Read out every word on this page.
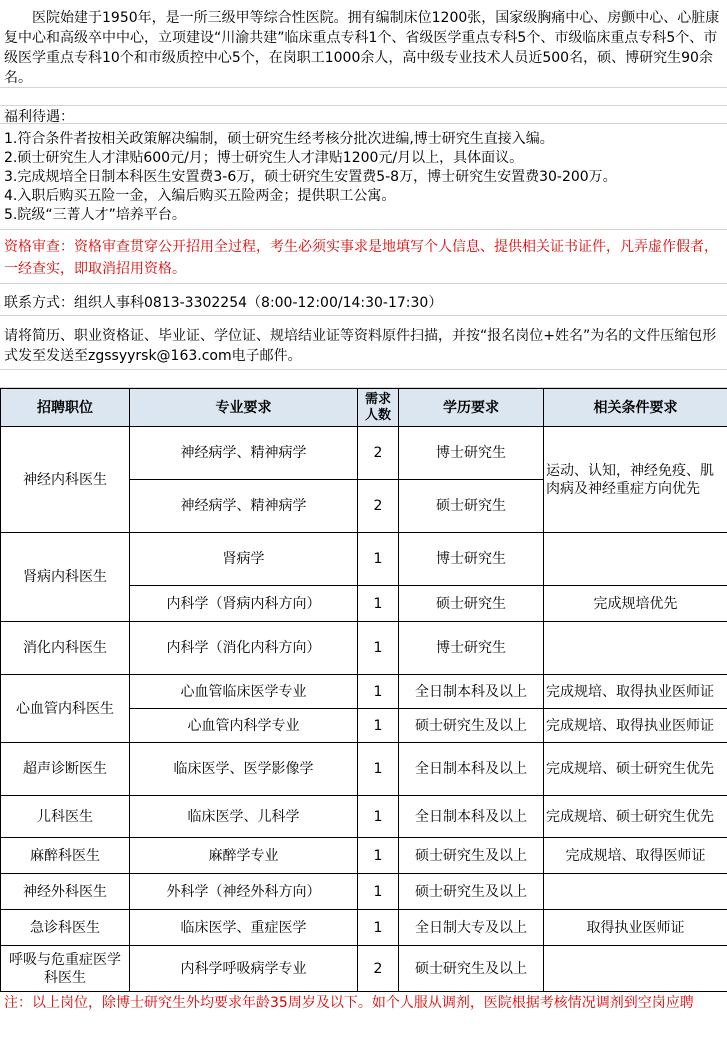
医院始建于1950年，是一所三级甲等综合性医院。拥有编制床位1200张，国家级胸痛中心、房颤中心、心脏康复中心和高级卒中中心，立项建设“川渝共建”临床重点专科1个、省级医学重点专科5个、市级临床重点专科5个、市级医学重点专科10个和市级质控中心5个，在岗职工1000余人，高中级专业技术人员近500名，硕、博研究生90余名。
福利待遇：
1.符合条件者按相关政策解决编制，硕士研究生经考核分批次进编,博士研究生直接入编。
2.硕士研究生人才津贴600元/月；博士研究生人才津贴1200元/月以上，具体面议。
3.完成规培全日制本科医生安置费3-6万，硕士研究生安置费5-8万，博士研究生安置费30-200万。
4.入职后购买五险一金，入编后购买五险两金；提供职工公寓。
5.院级“三菁人才”培养平台。
资格审查：资格审查贯穿公开招用全过程，考生必须实事求是地填写个人信息、提供相关证书证件，凡弄虚作假者，一经查实，即取消招用资格。
联系方式：组织人事科0813-3302254（8:00-12:00/14:30-17:30）
请将简历、职业资格证、毕业证、学位证、规培结业证等资料原件扫描，并按“报名岗位+姓名”为名的文件压缩包形式发至发送至zgssyyrsk@163.com电子邮件。
招聘职位	专业要求	需求人数	学历要求	相关条件要求
神经内科医生	神经病学、精神病学	2	博士研究生	运动、认知，神经免疫、肌肉病及神经重症方向优先
	神经病学、精神病学	2	硕士研究生	
肾病内科医生	肾病学	1	博士研究生	
	内科学（肾病内科方向）	1	硕士研究生	完成规培优先
消化内科医生	内科学（消化内科方向）	1	博士研究生	
心血管内科医生	心血管临床医学专业	1	全日制本科及以上	完成规培、取得执业医师证
	心血管内科学专业	1	硕士研究生及以上	完成规培、取得执业医师证
超声诊断医生	临床医学、医学影像学	1	全日制本科及以上	完成规培、硕士研究生优先
儿科医生	临床医学、儿科学	1	全日制本科及以上	完成规培、硕士研究生优先
麻醉科医生	麻醉学专业	1	硕士研究生及以上	完成规培、取得医师证
神经外科医生	外科学（神经外科方向）	1	硕士研究生及以上	
急诊科医生	临床医学、重症医学	1	全日制大专及以上	取得执业医师证
呼吸与危重症医学科医生	内科学呼吸病学专业	2	硕士研究生及以上	
注：以上岗位，除博士研究生外均要求年龄35周岁及以下。如个人服从调剂，医院根据考核情况调剂到空岗应聘
